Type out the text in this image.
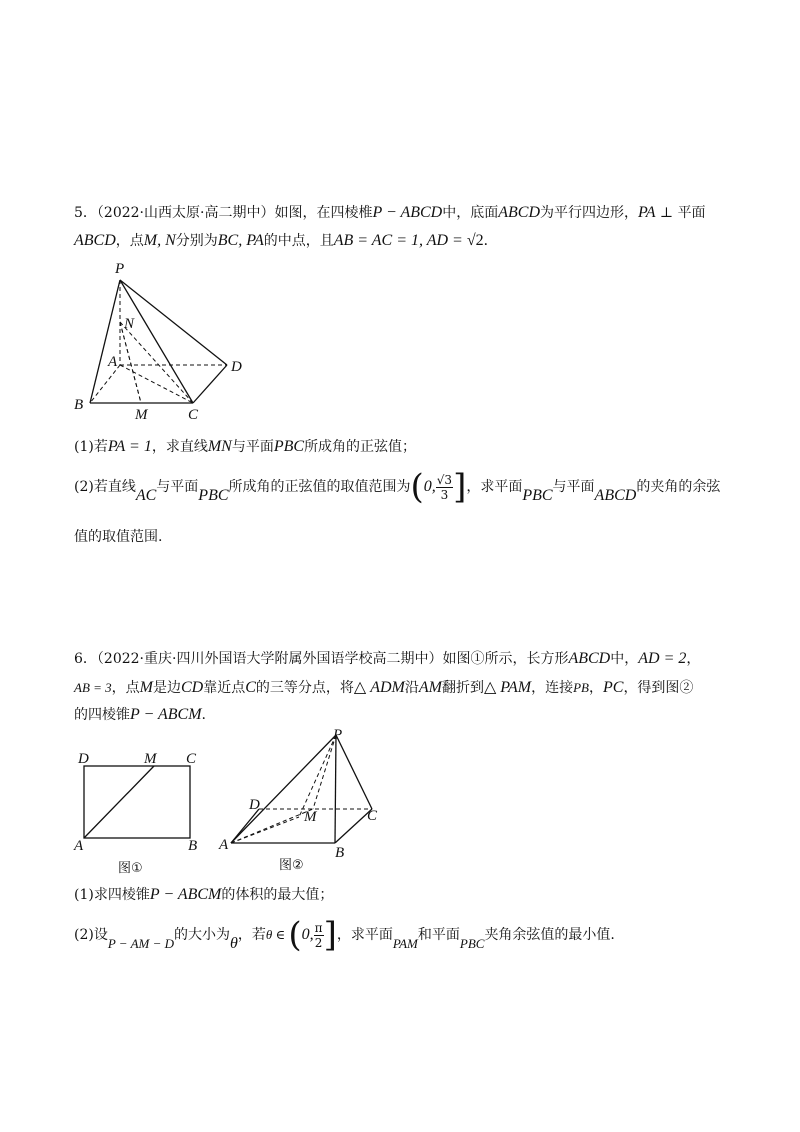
5．（2022·山西太原·高二期中）如图，在四棱椎P − ABCD中，底面ABCD为平行四边形，PA ⊥ 平面
ABCD，点M, N分别为BC, PA的中点，且AB = AC = 1, AD = √2．
P
N
A	D
B
M	C
(1)若PA = 1，求直线MN与平面PBC所成角的正弦值；
(2)若直线AC与平面PBC所成角的正弦值的取值范围为(0, $\frac{√3}{3}$ ]，求平面PBC与平面ABCD的夹角的余弦
值的取值范围.
6．（2022·重庆·四川外国语大学附属外国语学校高二期中）如图①所示，长方形ABCD中，AD = 2，
AB = 3，点M是边CD靠近点C的三等分点，将△ ADM沿AM翻折到△ PAM，连接PB，PC，得到图②
的四棱锥P − ABCM.
D	M C
A	B
图①
P
D
M	C
A	B
图②
(1)求四棱锥P − ABCM的体积的最大值；
(2)设P − AM − D的大小为θ，若θ ∈ (0, $\frac{\pi}{2}$ ]，求平面PAM和平面PBC夹角余弦值的最小值.
